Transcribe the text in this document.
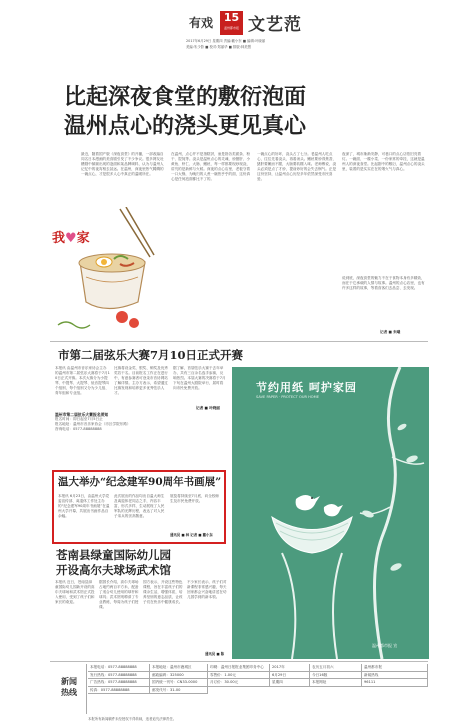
有戏 15
温州都市报 文艺范
2017年6月29日 星期四 责编:戴小东 ■ 编辑:叶晓丽
美编:朱少影 ■ 校对:郑丽华 ■ 排版:林美慧
比起深夜食堂的敷衍泡面
温州点心的浇头更见真心
最近，随着国产版《深夜食堂》的开播，一部改编自同名日本漫画的美食剧引发了不少争议。很多网友吐槽剧中频频出现的泡面和某品牌调料，认为与温州人记忆中的夜宵相去甚远。在温州，深夜里热气腾腾的一碗点心，才是很多人心中真正的温暖所在。
我♥家
在温州，点心并不是指糕饼，而是指各类面条、粉干、馄饨等。浇头是温州点心的灵魂，炒猪肝、小黄鱼、虾仁、大肠、鳝丝，每一样都要现炒现浇，讲究的是新鲜与火候。深夜的点心店里，老板守着一口大锅，为晚归的人煮一碗热乎乎的面，这份真心是任何泡面都比不了的。
一碗点心的好坏，浇头占了七分。老温州人吃点心，往往先看浇头，再看汤头。鳝丝要炒得焦香，猪肝要嫩而不腥，大肠要软糯入味。老师傅说，浇头必须是点了才炒，提前炒好的会失去锅气。正是这份坚持，让温州点心历经多年依然深受市民喜爱。
夜深了，城市渐渐安静，可巷口的点心店依旧亮着灯。一碗面、一碟小菜、一份家常的牵挂，这就是温州人的深夜食堂。比起剧中的敷衍，温州点心的浇头里，装着的是实实在在的烟火气与真心。
说到底，深夜食堂的魅力不在于食物本身有多精致，而在于它承载的人情与故事。温州的点心店里，也有许多这样的故事，等着食客们去品尝、去发现。
记者 ■ 朱曦
市第二届弦乐大赛7月10日正式开赛
本报讯 由温州市音乐家协会主办的温州市第二届弦乐大赛将于7月10日正式开赛。本次大赛分为小提琴、中提琴、大提琴、低音提琴四个组别，每个组别又分为少儿组、青年组和专业组。
比赛将设金奖、银奖、铜奖及优秀奖若干名。目前报名工作正在进行中，有意参赛者可登录市音协网站了解详情。主办方表示，希望通过比赛发现和培养更多优秀弦乐人才。
据了解，首届弦乐大赛于去年举办，共有三百余名选手参赛，反响热烈。本届大赛的决赛将于7月下旬在温州大剧院举行，届时将向市民免费开放。
记者 ■ 叶晓丽
温州市第二届弦乐大赛报名须知
报名时间：即日起至7月5日止
报名地址：温州市音乐家协会（市区学院东路）
咨询电话：0577-88888888
温大举办“纪念建军90周年书画展”
本报讯 6月23日，由温州大学党委宣传部、离退休工作处主办的“纪念建军90周年书画展”在温州大学开幕，共展出书画作品百余幅。
此次展出的作品均出自温大师生及离退休老同志之手，内容丰富，形式多样，生动展现了人民军队的光辉历程，表达了对人民子弟兵的崇高敬意。
展览将持续至7月底，向全校师生及市民免费开放。
通讯员 ■ 林 记者 ■ 戴小东
苍南县绿童国际幼儿园
开设高尔夫球场武术馆
本报讯 近日，苍南县绿童国际幼儿园新开设的高尔夫球场和武术馆正式投入使用，受到了孩子们和家长的欢迎。
据园长介绍，高尔夫球场占地约两百平方米，配备了适合幼儿使用的球杆和球具；武术馆则聘请了专业教练，每周为孩子们授课。
园方表示，开设这些特色课程，旨在丰富孩子们的课余生活，增强体质，培养坚韧的意志品质，让孩子们在快乐中健康成长。
不少家长表示，孩子们对新课程非常感兴趣，每天回家都会兴奋地讲述在幼儿园学到的新本领。
通讯员 ■ 陈
节约用纸 呵护家园
SAVE PAPER · PROTECT OUR HOME
温州都市报 宣
新闻
热线
本报电话：0577-88888888
发行热线：0577-88888888
广告热线：0577-88888888
传真：0577-88888888
本报地址：温州市鹿城区
邮政编码：325000
国内统一刊号：CN33-0000
邮发代号：31-00
印刷：温州日报报业集团印务中心
零售价：1.00元
月订价：30.00元
2017年
6月29日
星期四
农历五月初六
今日16版
本报网址
温州都市报
新闻热线
96111
本报所有新闻稿件未经授权不得转载，违者追究法律责任。
